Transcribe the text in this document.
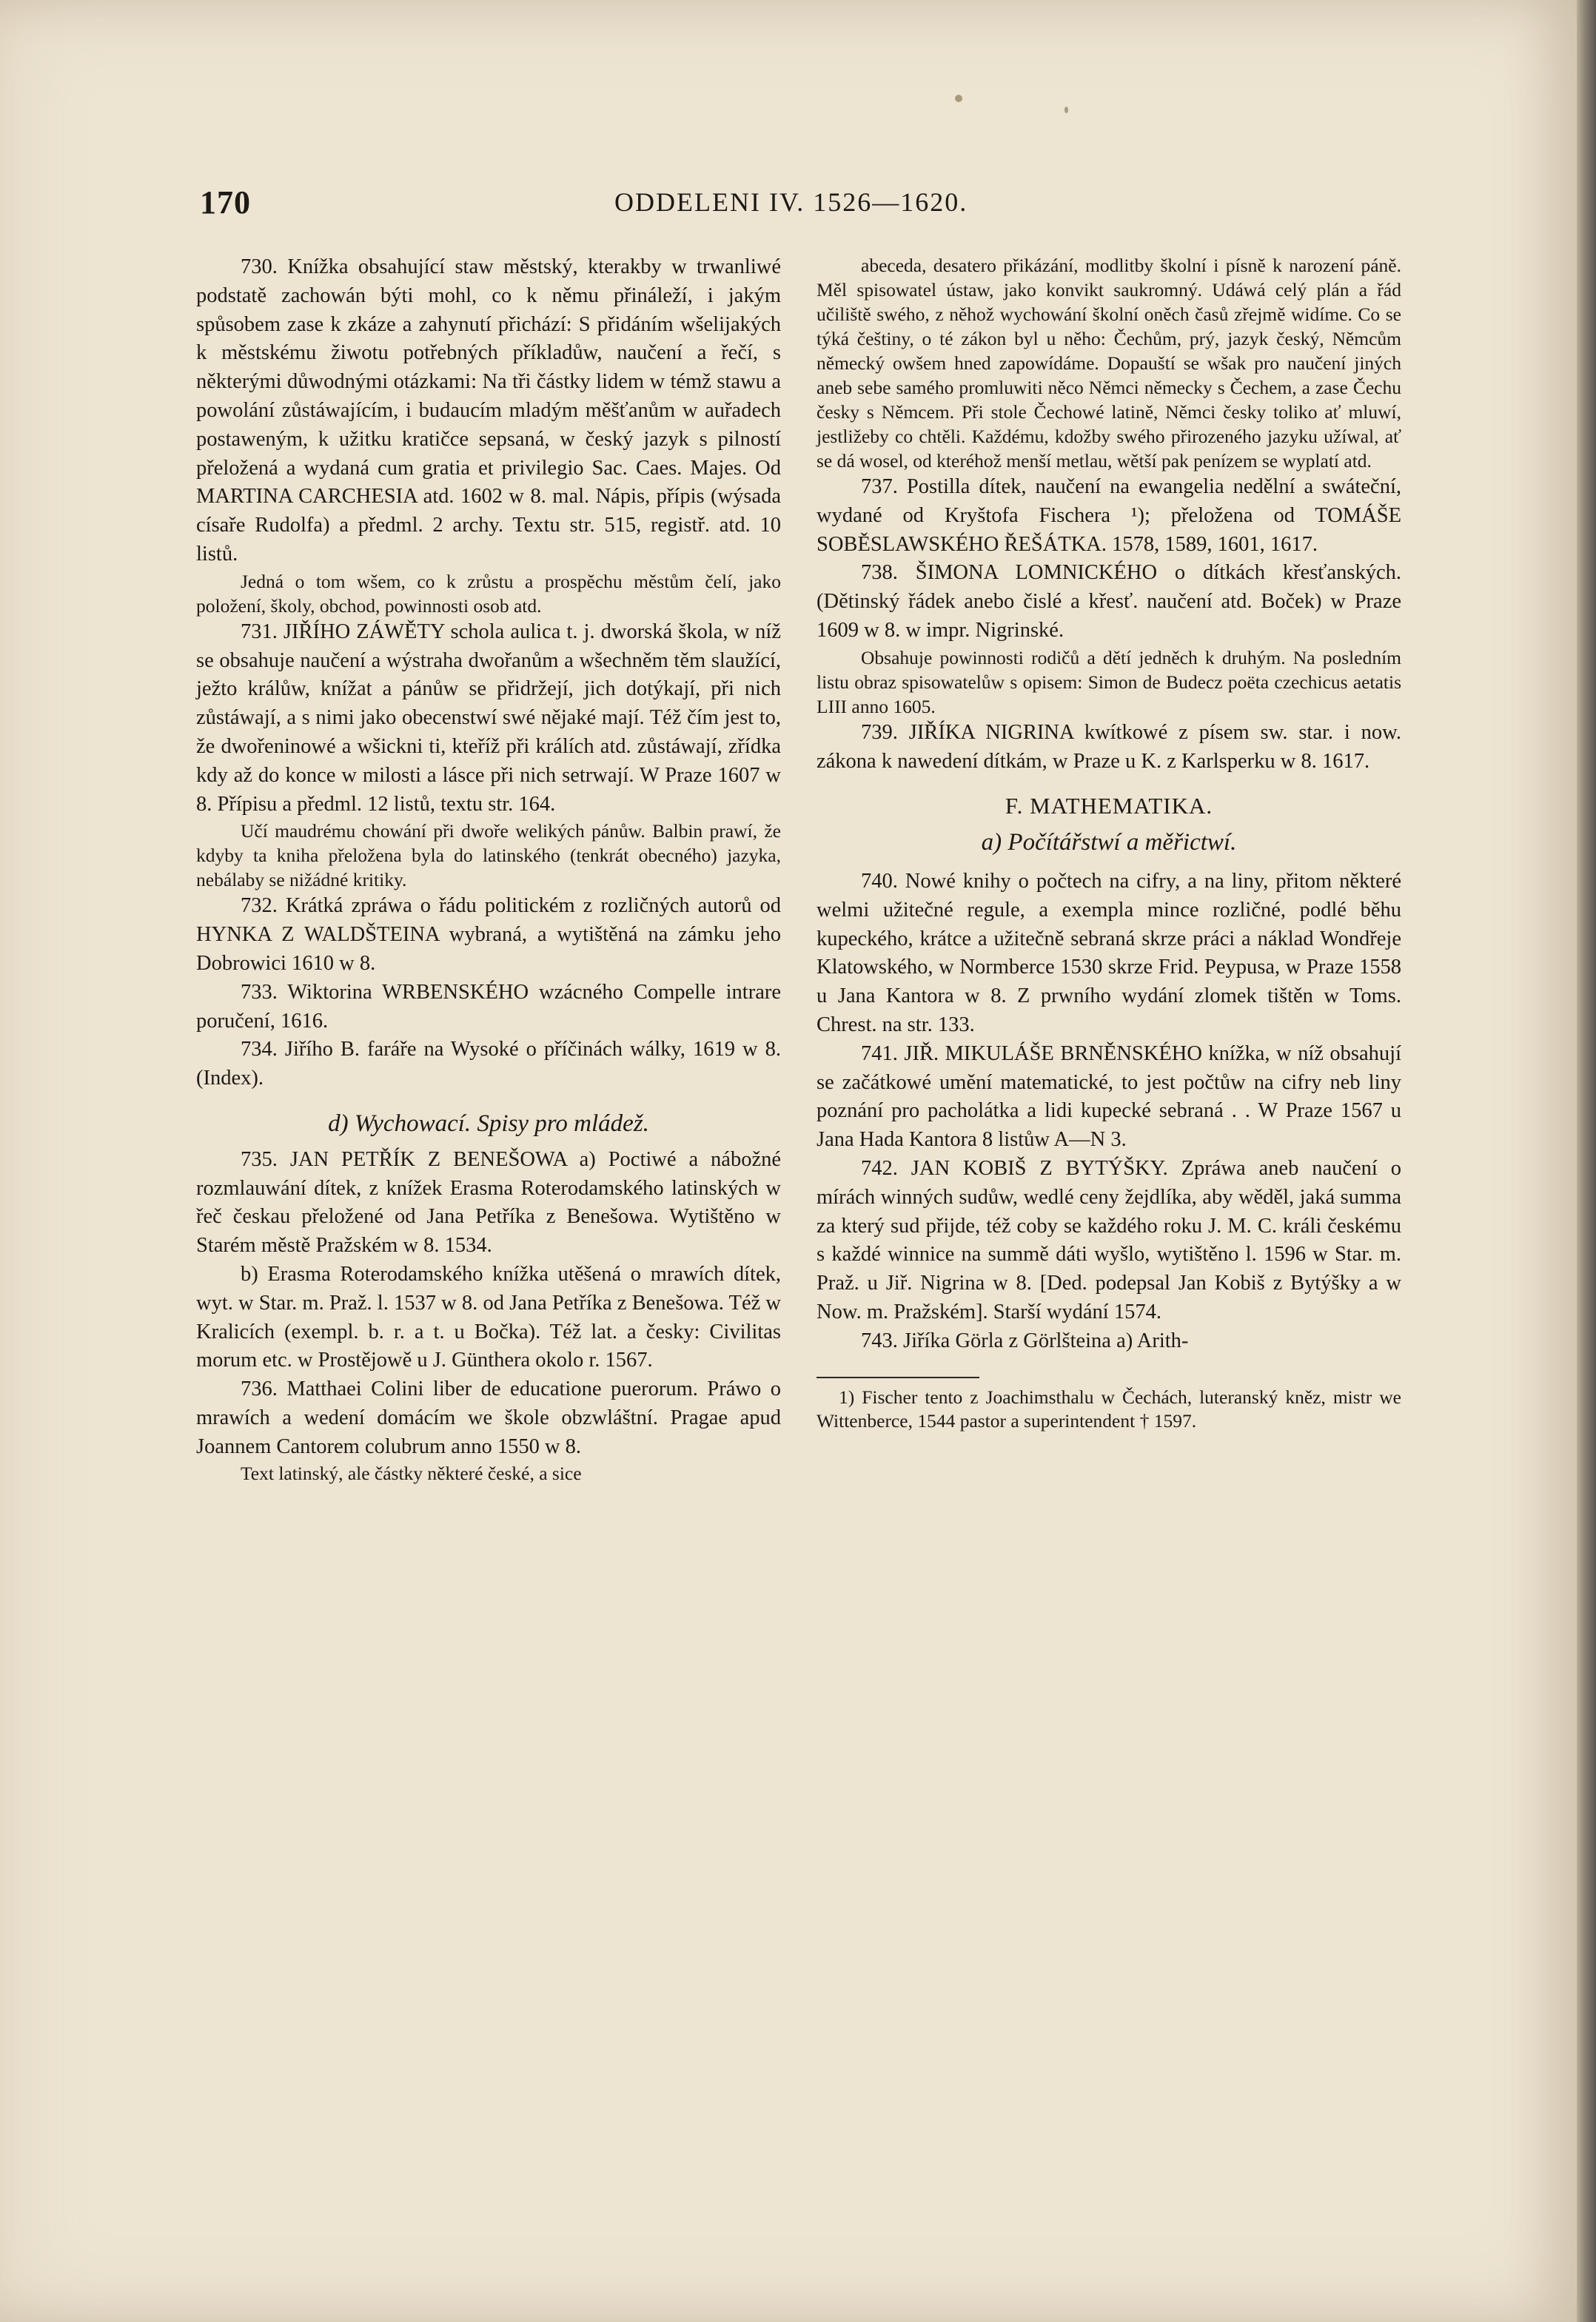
170	ODDELENI IV. 1526—1620.

730. Knížka obsahující staw městský, kterakby w trwanliwé podstatě zachowán býti mohl, co k němu přináleží, i jakým spůsobem zase k zkáze a zahynutí přichází: S přidáním wšelijakých k městskému žiwotu potřebných příkladůw, naučení a řečí, s některými důwodnými otázkami: Na tři částky lidem w témž stawu a powolání zůstáwajícím, i budaucím mladým měšťanům w auřadech postaweným, k užitku kratičce sepsaná, w český jazyk s pilností přeložená a wydaná cum gratia et privilegio Sac. Caes. Majes. Od MARTINA CARCHESIA atd. 1602 w 8. mal. Nápis, přípis (wýsada císaře Rudolfa) a předml. 2 archy. Textu str. 515, registř. atd. 10 listů.

Jedná o tom wšem, co k zrůstu a prospěchu městům čelí, jako položení, školy, obchod, powinnosti osob atd.

731. JIŘÍHO ZÁWĚTY schola aulica t. j. dworská škola, w níž se obsahuje naučení a wýstraha dwořanům a wšechněm těm slaužící, ježto králůw, knížat a pánůw se přidržejí, jich dotýkají, při nich zůstáwají, a s nimi jako obecenstwí swé nějaké mají. Též čím jest to, že dwořeninowé a wšickni ti, kteříž při králích atd. zůstáwají, zřídka kdy až do konce w milosti a lásce při nich setrwají. W Praze 1607 w 8. Přípisu a předml. 12 listů, textu str. 164.

Učí maudrému chowání při dwoře welikých pánůw. Balbin prawí, že kdyby ta kniha přeložena byla do latinského (tenkrát obecného) jazyka, nebálaby se nižádné kritiky.

732. Krátká zpráwa o řádu politickém z rozličných autorů od HYNKA Z WALDŠTEINA wybraná, a wytištěná na zámku jeho Dobrowici 1610 w 8.

733. Wiktorina WRBENSKÉHO wzácného Compelle intrare poručení, 1616.

734. Jiřího B. faráře na Wysoké o příčinách wálky, 1619 w 8. (Index).

d) Wychowací. Spisy pro mládež.

735. JAN PETŘÍK Z BENEŠOWA a) Poctiwé a nábožné rozmlauwání dítek, z knížek Erasma Roterodamského latinských w řeč českau přeložené od Jana Petříka z Benešowa. Wytištěno w Starém městě Pražském w 8. 1534.

b) Erasma Roterodamského knížka utěšená o mrawích dítek, wyt. w Star. m. Praž. l. 1537 w 8. od Jana Petříka z Benešowa. Též w Kralicích (exempl. b. r. a t. u Bočka). Též lat. a česky: Civilitas morum etc. w Prostějowě u J. Günthera okolo r. 1567.

736. Matthaei Colini liber de educatione puerorum. Práwo o mrawích a wedení domácím we škole obzwláštní. Pragae apud Joannem Cantorem colubrum anno 1550 w 8.

Text latinský, ale částky některé české, a sice

abeceda, desatero přikázání, modlitby školní i písně k narození páně. Měl spisowatel ústaw, jako konvikt saukromný. Udáwá celý plán a řád učiliště swého, z něhož wychowání školní oněch časů zřejmě widíme. Co se týká češtiny, o té zákon byl u něho: Čechům, prý, jazyk český, Němcům německý owšem hned zapowídáme. Dopauští se wšak pro naučení jiných aneb sebe samého promluwiti něco Němci německy s Čechem, a zase Čechu česky s Němcem. Při stole Čechowé latině, Němci česky toliko ať mluwí, jestližeby co chtěli. Každému, kdožby swého přirozeného jazyku užíwal, ať se dá wosel, od kteréhož menší metlau, wětší pak penízem se wyplatí atd.

737. Postilla dítek, naučení na ewangelia nedělní a swáteční, wydané od Kryštofa Fischera ¹); přeložena od TOMÁŠE SOBĚSLAWSKÉHO ŘEŠÁTKA. 1578, 1589, 1601, 1617.

738. ŠIMONA LOMNICKÉHO o dítkách křesťanských. (Dětinský řádek anebo čislé a křesť. naučení atd. Boček) w Praze 1609 w 8. w impr. Nigrinské.

Obsahuje powinnosti rodičů a dětí jedněch k druhým. Na posledním listu obraz spisowatelůw s opisem: Simon de Budecz poëta czechicus aetatis LIII anno 1605.

739. JIŘÍKA NIGRINA kwítkowé z písem sw. star. i now. zákona k nawedení dítkám, w Praze u K. z Karlsperku w 8. 1617.

F. MATHEMATIKA.

a) Počítářstwí a měřictwí.

740. Nowé knihy o počtech na cifry, a na liny, přitom některé welmi užitečné regule, a exempla mince rozličné, podlé běhu kupeckého, krátce a užitečně sebraná skrze práci a náklad Wondřeje Klatowského, w Normberce 1530 skrze Frid. Peypusa, w Praze 1558 u Jana Kantora w 8. Z prwního wydání zlomek tištěn w Toms. Chrest. na str. 133.

741. JIŘ. MIKULÁŠE BRNĚNSKÉHO knížka, w níž obsahují se začátkowé umění matematické, to jest počtůw na cifry neb liny poznání pro pacholátka a lidi kupecké sebraná . . W Praze 1567 u Jana Hada Kantora 8 listůw A—N 3.

742. JAN KOBIŠ Z BYTÝŠKY. Zpráwa aneb naučení o mírách winných sudůw, wedlé ceny žejdlíka, aby wěděl, jaká summa za který sud přijde, též coby se každého roku J. M. C. králi českému s každé winnice na summě dáti wyšlo, wytištěno l. 1596 w Star. m. Praž. u Jiř. Nigrina w 8. [Ded. podepsal Jan Kobiš z Bytýšky a w Now. m. Pražském]. Starší wydání 1574.

743. Jiříka Görla z Görlšteina a) Arith-

1) Fischer tento z Joachimsthalu w Čechách, luteranský kněz, mistr we Wittenberce, 1544 pastor a superintendent † 1597.
